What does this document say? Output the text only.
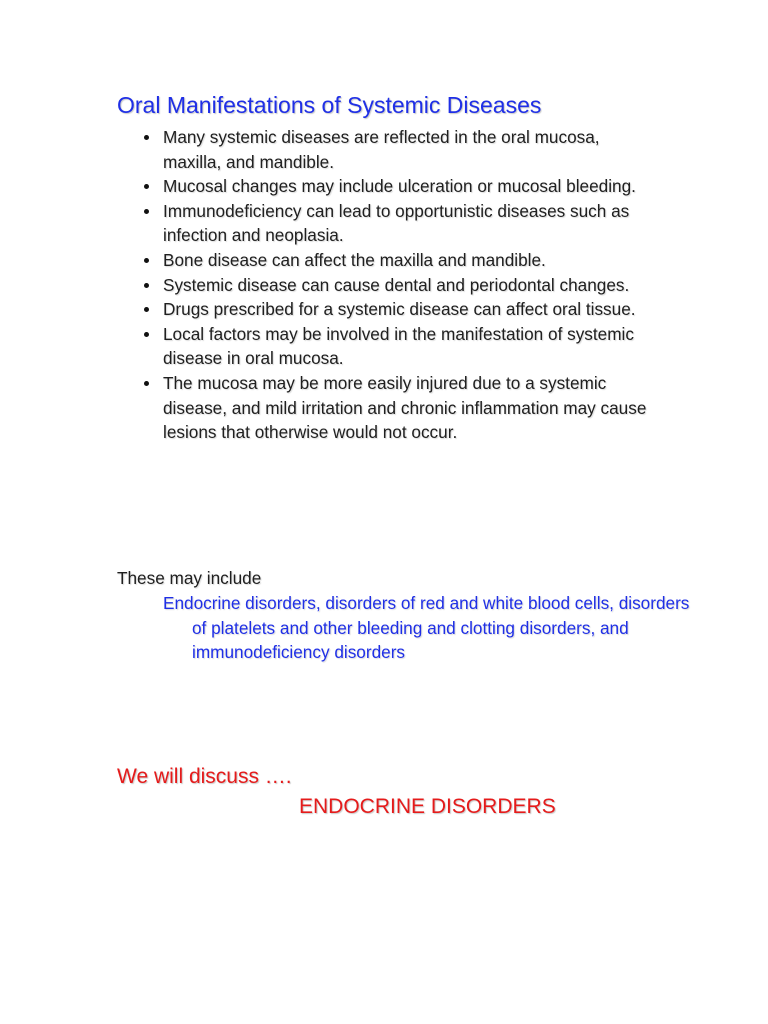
Oral Manifestations of Systemic Diseases
Many systemic diseases are reflected in the oral mucosa, maxilla, and mandible.
Mucosal changes may include ulceration or mucosal bleeding.
Immunodeficiency can lead to opportunistic diseases such as infection and neoplasia.
Bone disease can affect the maxilla and mandible.
Systemic disease can cause dental and periodontal changes.
Drugs prescribed for a systemic disease can affect oral tissue.
Local factors may be involved in the manifestation of systemic disease in oral mucosa.
The mucosa may be more easily injured due to a systemic disease, and mild irritation and chronic inflammation may cause lesions that otherwise would not occur.
These may include
Endocrine disorders, disorders of red and white blood cells, disorders of platelets and other bleeding and clotting disorders, and immunodeficiency disorders
We will discuss ….
ENDOCRINE DISORDERS
